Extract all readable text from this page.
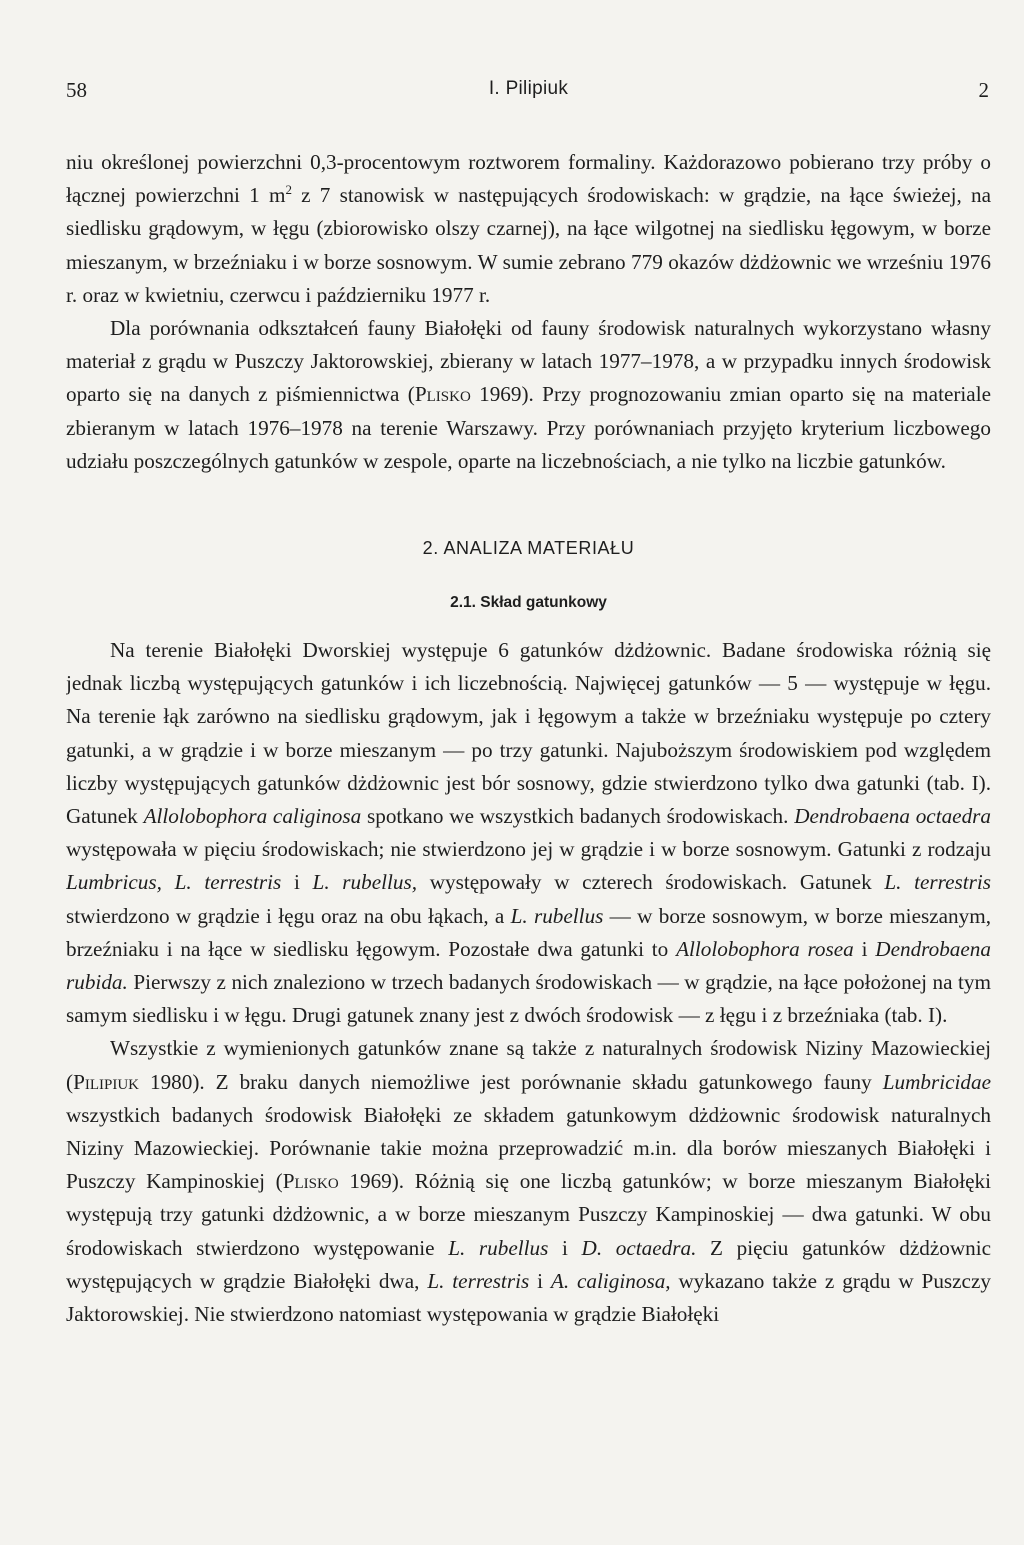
58	I. Pilipiuk	2

niu określonej powierzchni 0,3-procentowym roztworem formaliny. Każdorazowo pobierano trzy próby o łącznej powierzchni 1 $m^2$ z 7 stanowisk w następujących środowiskach: w grądzie, na łące świeżej, na siedlisku grądowym, w łęgu (zbiorowisko olszy czarnej), na łące wilgotnej na siedlisku łęgowym, w borze mieszanym, w brzeźniaku i w borze sosnowym. W sumie zebrano 779 okazów dżdżownic we wrześniu 1976 r. oraz w kwietniu, czerwcu i październiku 1977 r.

Dla porównania odkształceń fauny Białołęki od fauny środowisk naturalnych wykorzystano własny materiał z grądu w Puszczy Jaktorowskiej, zbierany w latach 1977–1978, a w przypadku innych środowisk oparto się na danych z piśmiennictwa (Plisko 1969). Przy prognozowaniu zmian oparto się na materiale zbieranym w latach 1976–1978 na terenie Warszawy. Przy porównaniach przyjęto kryterium liczbowego udziału poszczególnych gatunków w zespole, oparte na liczebnościach, a nie tylko na liczbie gatunków.

2. ANALIZA MATERIAŁU
2.1. Skład gatunkowy

Na terenie Białołęki Dworskiej występuje 6 gatunków dżdżownic. Badane środowiska różnią się jednak liczbą występujących gatunków i ich liczebnością. Najwięcej gatunków — 5 — występuje w łęgu. Na terenie łąk zarówno na siedlisku grądowym, jak i łęgowym a także w brzeźniaku występuje po cztery gatunki, a w grądzie i w borze mieszanym — po trzy gatunki. Najuboższym środowiskiem pod względem liczby występujących gatunków dżdżownic jest bór sosnowy, gdzie stwierdzono tylko dwa gatunki (tab. I). Gatunek Allolobophora caliginosa spotkano we wszystkich badanych środowiskach. Dendrobaena octaedra występowała w pięciu środowiskach; nie stwierdzono jej w grądzie i w borze sosnowym. Gatunki z rodzaju Lumbricus, L. terrestris i L. rubellus, występowały w czterech środowiskach. Gatunek L. terrestris stwierdzono w grądzie i łęgu oraz na obu łąkach, a L. rubellus — w borze sosnowym, w borze mieszanym, brzeźniaku i na łące w siedlisku łęgowym. Pozostałe dwa gatunki to Allolobophora rosea i Dendrobaena rubida. Pierwszy z nich znaleziono w trzech badanych środowiskach — w grądzie, na łące położonej na tym samym siedlisku i w łęgu. Drugi gatunek znany jest z dwóch środowisk — z łęgu i z brzeźniaka (tab. I).

Wszystkie z wymienionych gatunków znane są także z naturalnych środowisk Niziny Mazowieckiej (Pilipiuk 1980). Z braku danych niemożliwe jest porównanie składu gatunkowego fauny Lumbricidae wszystkich badanych środowisk Białołęki ze składem gatunkowym dżdżownic środowisk naturalnych Niziny Mazowieckiej. Porównanie takie można przeprowadzić m.in. dla borów mieszanych Białołęki i Puszczy Kampinoskiej (Plisko 1969). Różnią się one liczbą gatunków; w borze mieszanym Białołęki występują trzy gatunki dżdżownic, a w borze mieszanym Puszczy Kampinoskiej — dwa gatunki. W obu środowiskach stwierdzono występowanie L. rubellus i D. octaedra. Z pięciu gatunków dżdżownic występujących w grądzie Białołęki dwa, L. terrestris i A. caliginosa, wykazano także z grądu w Puszczy Jaktorowskiej. Nie stwierdzono natomiast występowania w grądzie Białołęki
